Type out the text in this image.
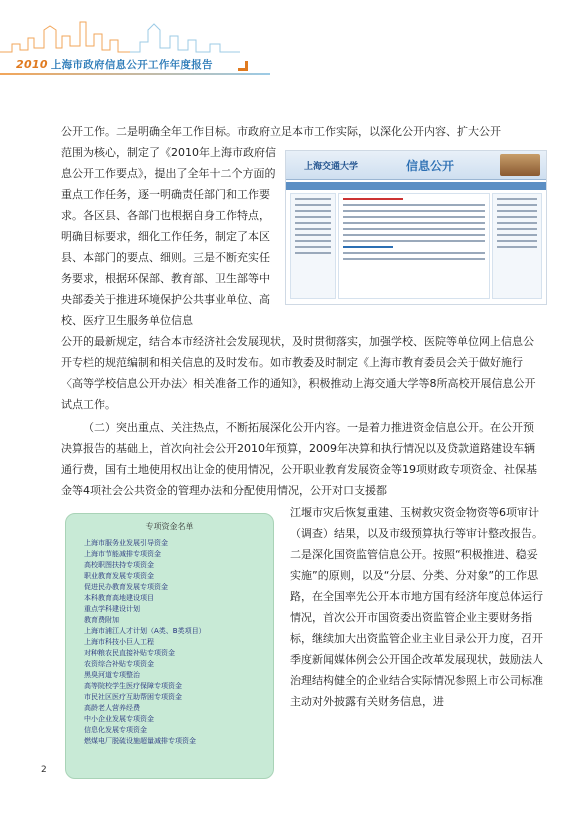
2010 上海市政府信息公开工作年度报告
公开工作。二是明确全年工作目标。市政府立足本市工作实际，以深化公开内容、扩大公开
范围为核心，制定了《2010年上海市政府信息公开工作要点》，提出了全年十二个方面的重点工作任务，逐一明确责任部门和工作要求。各区县、各部门也根据自身工作特点，明确目标要求，细化工作任务，制定了本区县、本部门的要点、细则。三是不断充实任务要求，根据环保部、教育部、卫生部等中央部委关于推进环境保护公共事业单位、高校、医疗卫生服务单位信息
上海交通大学	信息公开
公开的最新规定，结合本市经济社会发展现状，及时贯彻落实，加强学校、医院等单位网上信息公开专栏的规范编制和相关信息的及时发布。如市教委及时制定《上海市教育委员会关于做好施行〈高等学校信息公开办法〉相关准备工作的通知》，积极推动上海交通大学等8所高校开展信息公开试点工作。
（二）突出重点、关注热点，不断拓展深化公开内容。一是着力推进资金信息公开。在公开预决算报告的基础上，首次向社会公开2010年预算，2009年决算和执行情况以及贷款道路建设车辆通行费，国有土地使用权出让金的使用情况，公开职业教育发展资金等19项财政专项资金、社保基金等4项社会公共资金的管理办法和分配使用情况，公开对口支援都
江堰市灾后恢复重建、玉树救灾资金物资等6项审计（调查）结果，以及市级预算执行等审计整改报告。二是深化国资监管信息公开。按照“积极推进、稳妥实施”的原则，以及“分层、分类、分对象”的工作思路，在全国率先公开本市地方国有经济年度总体运行情况，首次公开市国资委出资监管企业主要财务指标，继续加大出资监管企业主业目录公开力度，召开季度新闻媒体例会公开国企改革发展现状，鼓励法人治理结构健全的企业结合实际情况参照上市公司标准主动对外披露有关财务信息，进
专项资金名单
上海市服务业发展引导资金
上海市节能减排专项资金
高校职图扶持专项资金
职业教育发展专项资金
促进民办教育发展专项资金
本科教育高地建设项目
重点学科建设计划
教育费附加
上海市浦江人才计划（A类、B类项目）
上海市科技小巨人工程
对种粮农民直接补贴专项资金
农资综合补贴专项资金
黑臭河道专项整治
高等院校学生医疗保障专项资金
市民社区医疗互助帮困专项资金
高龄老人营养经费
中小企业发展专项资金
信息化发展专项资金
燃煤电厂脱硫设施超量减排专项资金
2
